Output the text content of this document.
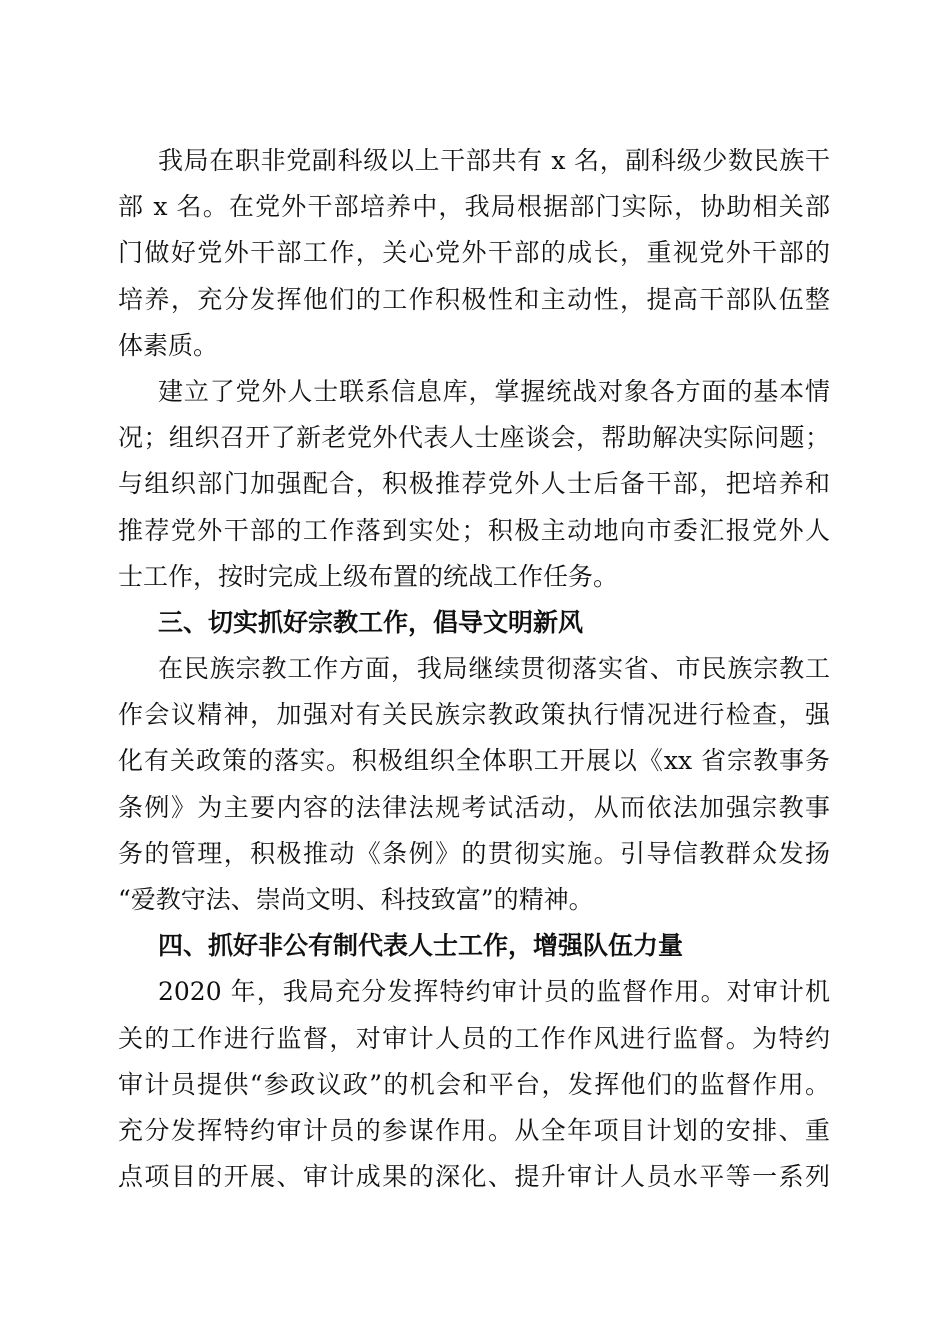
我局在职非党副科级以上干部共有 x 名，副科级少数民族干
部 x 名。在党外干部培养中，我局根据部门实际，协助相关部
门做好党外干部工作，关心党外干部的成长，重视党外干部的
培养，充分发挥他们的工作积极性和主动性，提高干部队伍整
体素质。
建立了党外人士联系信息库，掌握统战对象各方面的基本情
况；组织召开了新老党外代表人士座谈会，帮助解决实际问题；
与组织部门加强配合，积极推荐党外人士后备干部，把培养和
推荐党外干部的工作落到实处；积极主动地向市委汇报党外人
士工作，按时完成上级布置的统战工作任务。
三、切实抓好宗教工作，倡导文明新风
在民族宗教工作方面，我局继续贯彻落实省、市民族宗教工
作会议精神，加强对有关民族宗教政策执行情况进行检查，强
化有关政策的落实。积极组织全体职工开展以《xx 省宗教事务
条例》为主要内容的法律法规考试活动，从而依法加强宗教事
务的管理，积极推动《条例》的贯彻实施。引导信教群众发扬
“爱教守法、崇尚文明、科技致富”的精神。
四、抓好非公有制代表人士工作，增强队伍力量
2020 年，我局充分发挥特约审计员的监督作用。对审计机
关的工作进行监督，对审计人员的工作作风进行监督。为特约
审计员提供“参政议政”的机会和平台，发挥他们的监督作用。
充分发挥特约审计员的参谋作用。从全年项目计划的安排、重
点项目的开展、审计成果的深化、提升审计人员水平等一系列
